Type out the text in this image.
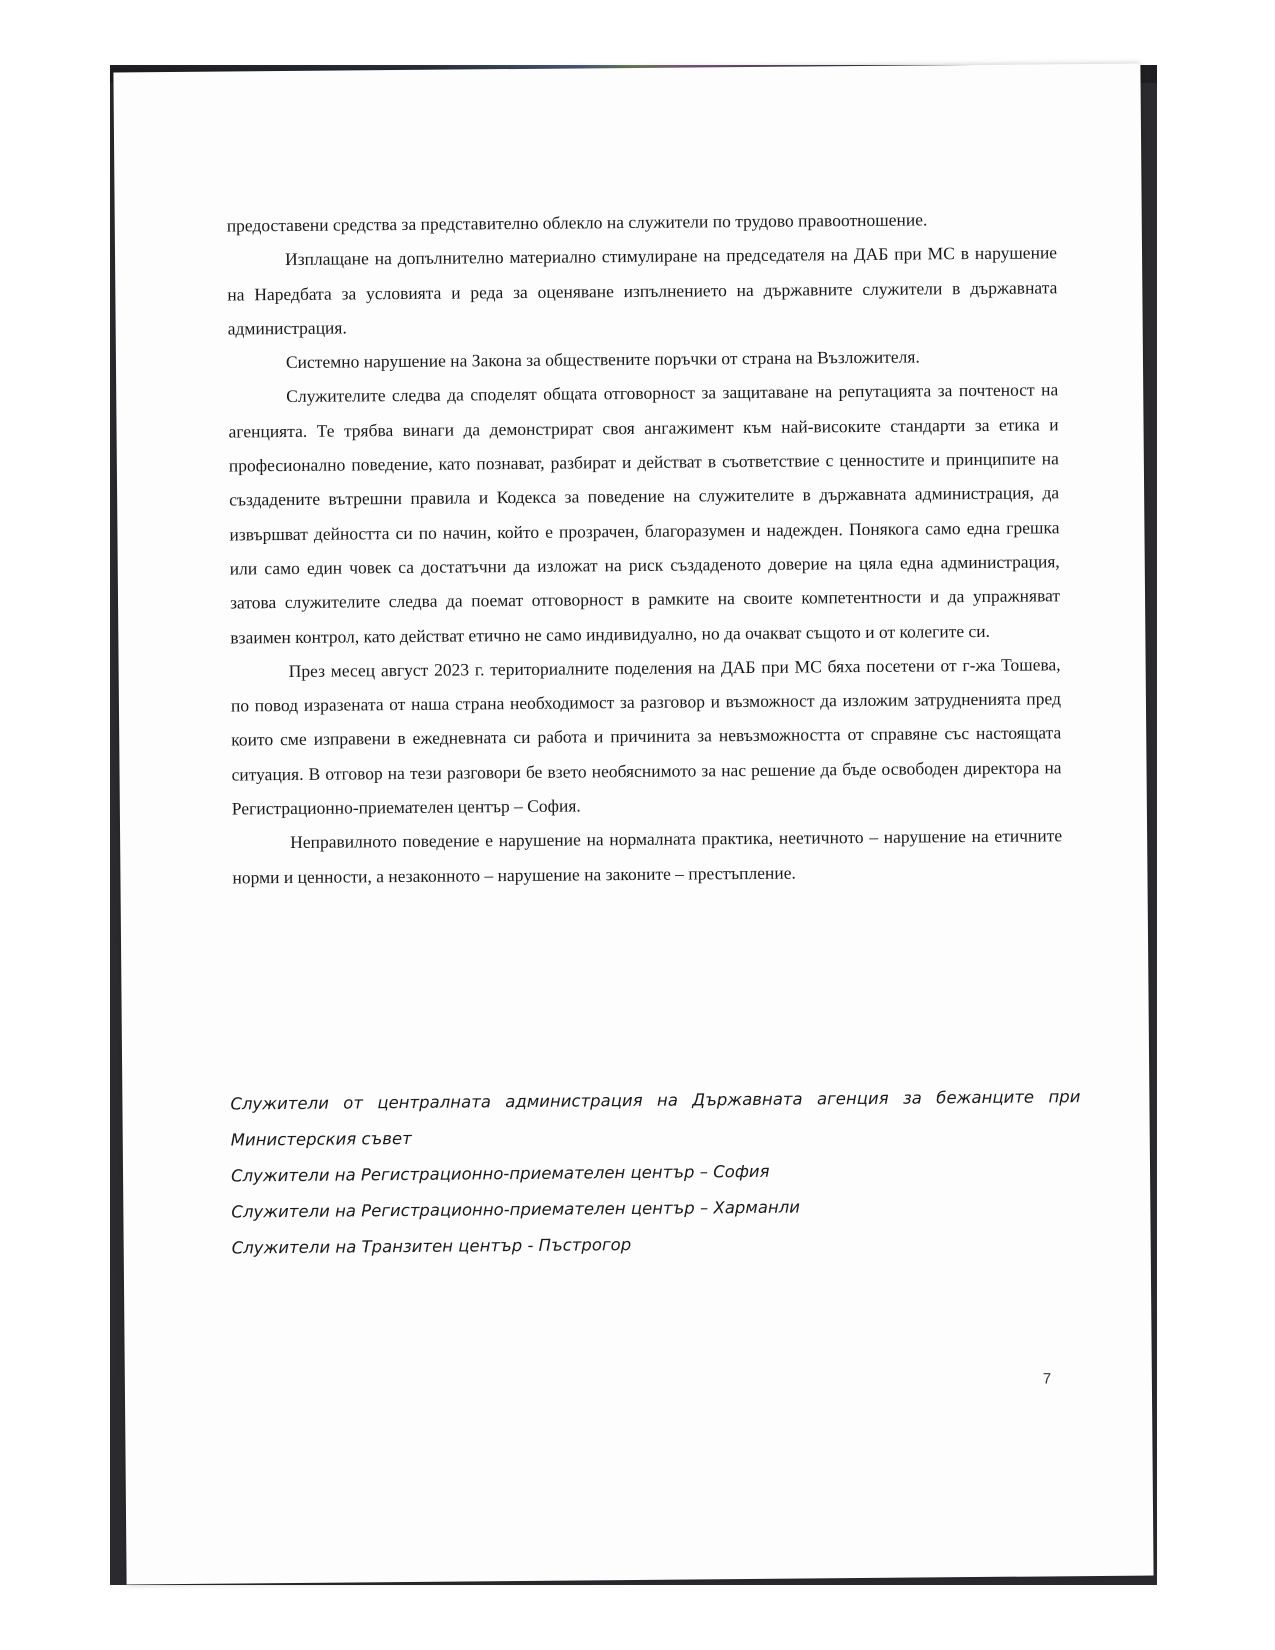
предоставени средства за представително облекло на служители по трудово правоотношение.

Изплащане на допълнително материално стимулиране на председателя на ДАБ при МС в нарушение на Наредбата за условията и реда за оценяване изпълнението на държавните служители в държавната администрация.

Системно нарушение на Закона за обществените поръчки от страна на Възложителя.

Служителите следва да споделят общата отговорност за защитаване на репутацията за почтеност на агенцията. Те трябва винаги да демонстрират своя ангажимент към най-високите стандарти за етика и професионално поведение, като познават, разбират и действат в съответствие с ценностите и принципите на създадените вътрешни правила и Кодекса за поведение на служителите в държавната администрация, да извършват дейността си по начин, който е прозрачен, благоразумен и надежден. Понякога само една грешка или само един човек са достатъчни да изложат на риск създаденото доверие на цяла една администрация, затова служителите следва да поемат отговорност в рамките на своите компетентности и да упражняват взаимен контрол, като действат етично не само индивидуално, но да очакват същото и от колегите си.

През месец август 2023 г. териториалните поделения на ДАБ при МС бяха посетени от г-жа Тошева, по повод изразената от наша страна необходимост за разговор и възможност да изложим затрудненията пред които сме изправени в ежедневната си работа и причинита за невъзможността от справяне със настоящата ситуация. В отговор на тези разговори бе взето необяснимото за нас решение да бъде освободен директора на Регистрационно-приемателен център – София.

Неправилното поведение е нарушение на нормалната практика, неетичното – нарушение на етичните норми и ценности, а незаконното – нарушение на законите – престъпление.

Служители от централната администрация на Държавната агенция за бежанците при Министерския съвет

Служители на Регистрационно-приемателен център – София

Служители на Регистрационно-приемателен център – Харманли

Служители на Транзитен център - Пъстрогор

7
